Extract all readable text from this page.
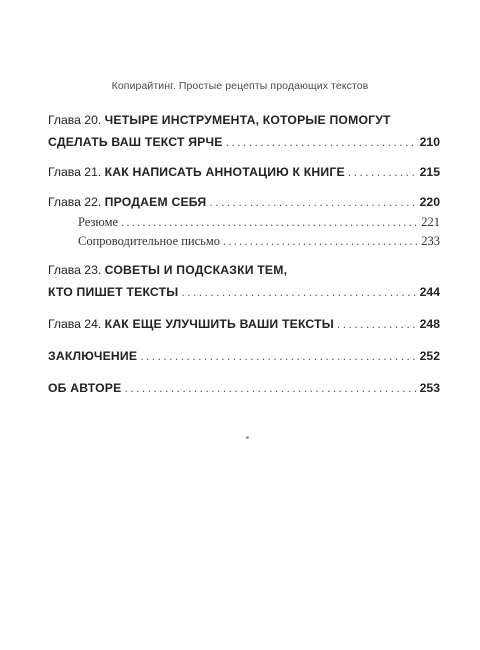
Копирайтинг. Простые рецепты продающих текстов
Глава 20. ЧЕТЫРЕ ИНСТРУМЕНТА, КОТОРЫЕ ПОМОГУТ
СДЕЛАТЬ ВАШ ТЕКСТ ЯРЧЕ .....	210
Глава 21. КАК НАПИСАТЬ АННОТАЦИЮ К КНИГЕ .....	215
Глава 22. ПРОДАЕМ СЕБЯ .....	220
Резюме .....	221
Сопроводительное письмо .....	233
Глава 23. СОВЕТЫ И ПОДСКАЗКИ ТЕМ,
КТО ПИШЕТ ТЕКСТЫ .....	244
Глава 24. КАК ЕЩЕ УЛУЧШИТЬ ВАШИ ТЕКСТЫ .....	248
ЗАКЛЮЧЕНИЕ .....	252
ОБ АВТОРЕ .....	253
